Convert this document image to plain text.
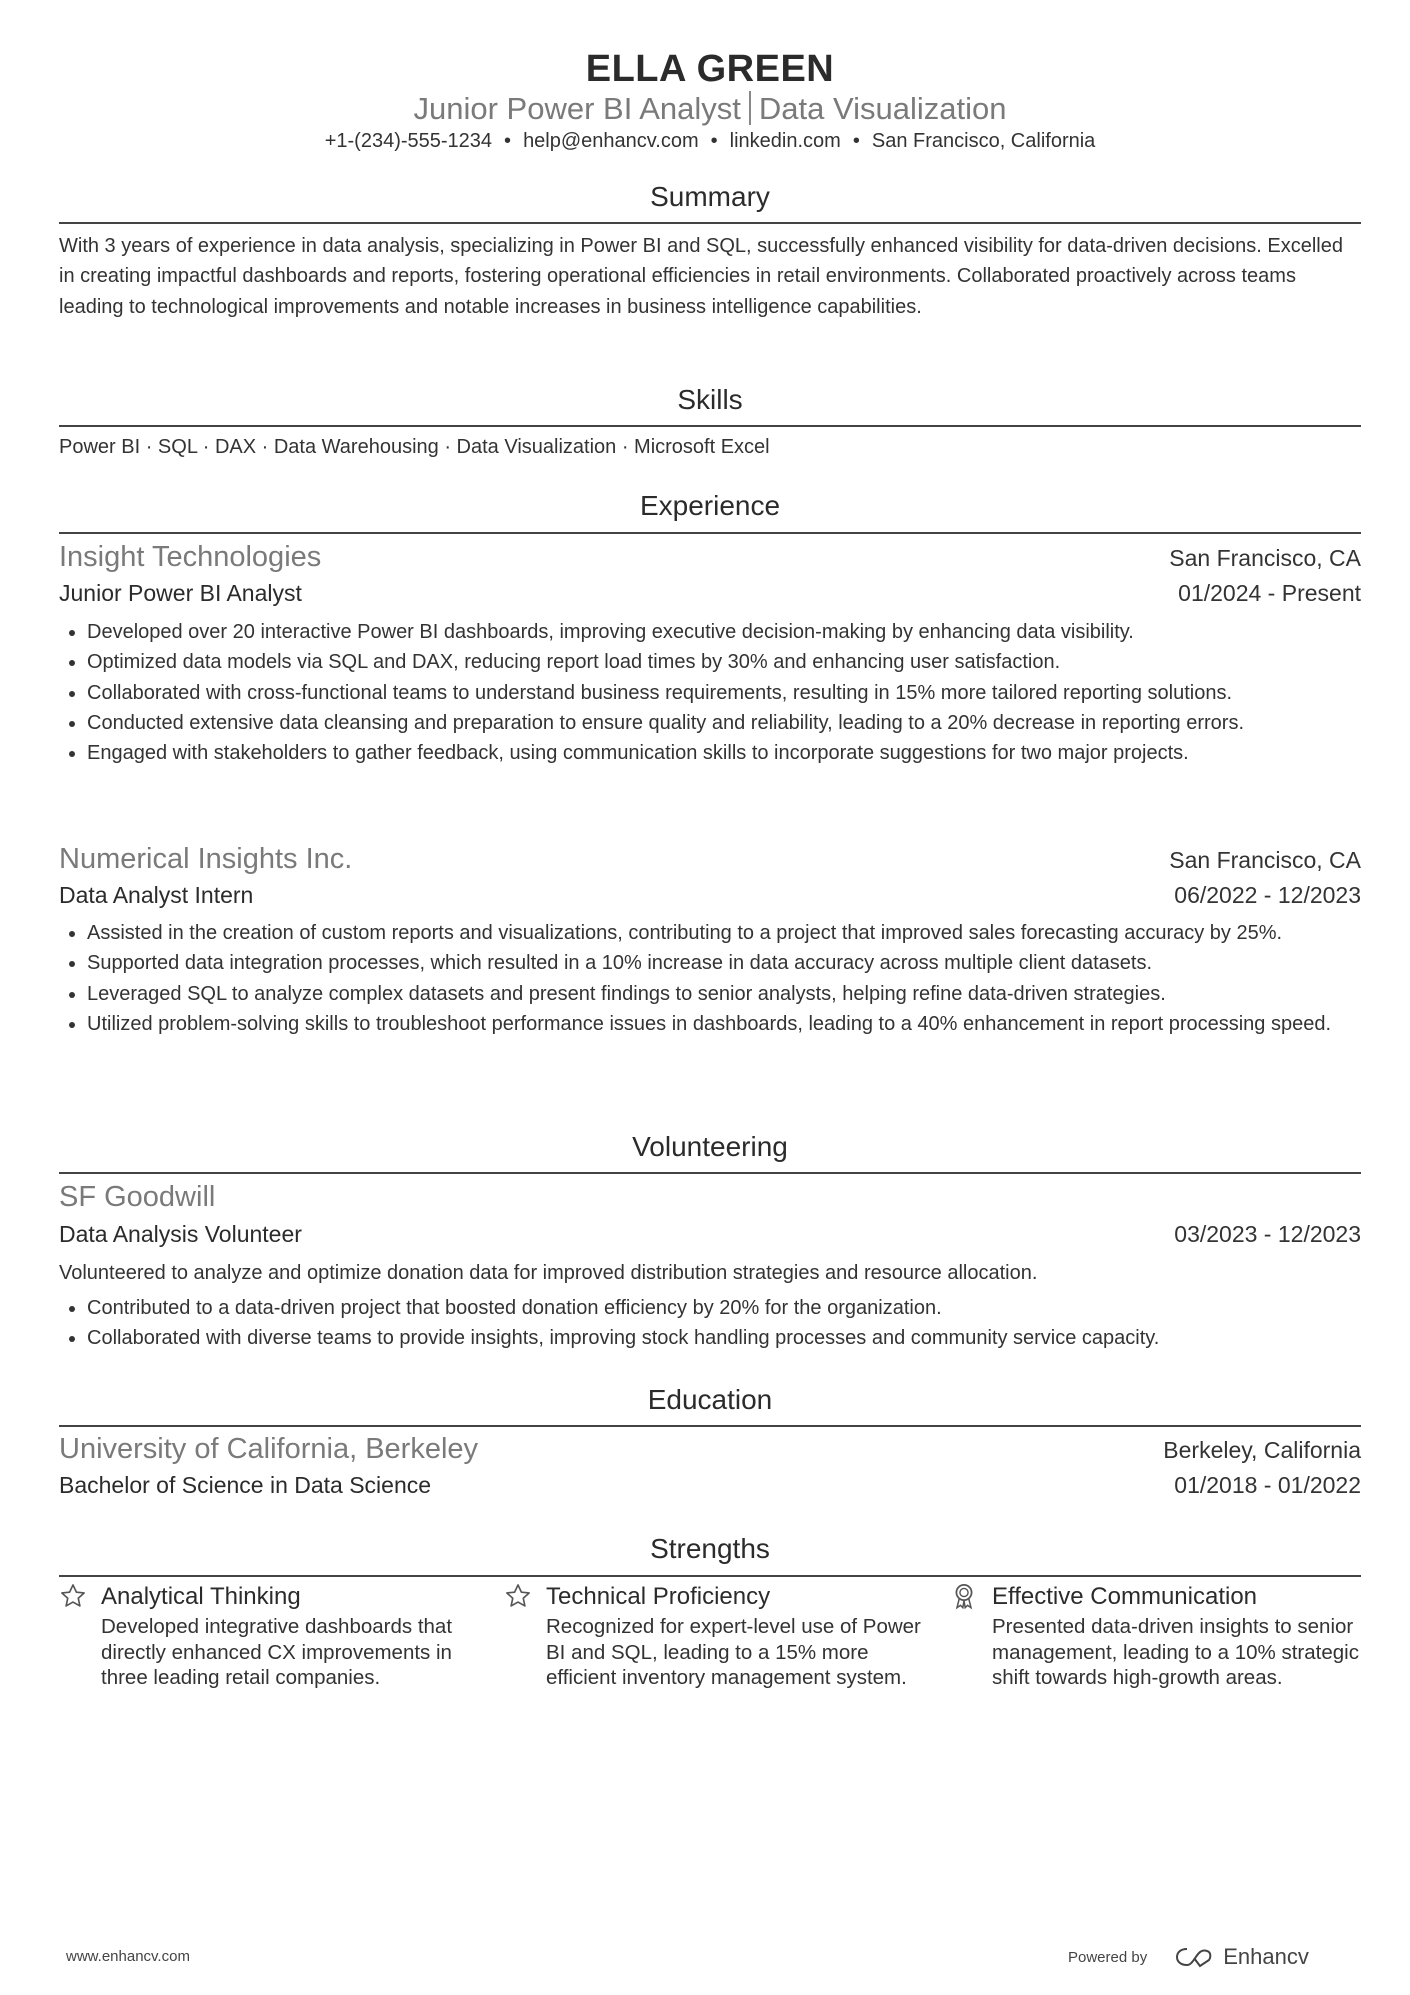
ELLA GREEN
Junior Power BI Analyst Data Visualization
+1-(234)-555-1234 • help@enhancv.com • linkedin.com • San Francisco, California
Summary
With 3 years of experience in data analysis, specializing in Power BI and SQL, successfully enhanced visibility for data-driven decisions. Excelled in creating impactful dashboards and reports, fostering operational efficiencies in retail environments. Collaborated proactively across teams leading to technological improvements and notable increases in business intelligence capabilities.
Skills
Power BI · SQL · DAX · Data Warehousing · Data Visualization · Microsoft Excel
Experience
Insight Technologies	San Francisco, CA
Junior Power BI Analyst	01/2024 - Present
• Developed over 20 interactive Power BI dashboards, improving executive decision-making by enhancing data visibility.
• Optimized data models via SQL and DAX, reducing report load times by 30% and enhancing user satisfaction.
• Collaborated with cross-functional teams to understand business requirements, resulting in 15% more tailored reporting solutions.
• Conducted extensive data cleansing and preparation to ensure quality and reliability, leading to a 20% decrease in reporting errors.
• Engaged with stakeholders to gather feedback, using communication skills to incorporate suggestions for two major projects.
Numerical Insights Inc.	San Francisco, CA
Data Analyst Intern	06/2022 - 12/2023
• Assisted in the creation of custom reports and visualizations, contributing to a project that improved sales forecasting accuracy by 25%.
• Supported data integration processes, which resulted in a 10% increase in data accuracy across multiple client datasets.
• Leveraged SQL to analyze complex datasets and present findings to senior analysts, helping refine data-driven strategies.
• Utilized problem-solving skills to troubleshoot performance issues in dashboards, leading to a 40% enhancement in report processing speed.
Volunteering
SF Goodwill
Data Analysis Volunteer	03/2023 - 12/2023
Volunteered to analyze and optimize donation data for improved distribution strategies and resource allocation.
• Contributed to a data-driven project that boosted donation efficiency by 20% for the organization.
• Collaborated with diverse teams to provide insights, improving stock handling processes and community service capacity.
Education
University of California, Berkeley	Berkeley, California
Bachelor of Science in Data Science	01/2018 - 01/2022
Strengths
Analytical Thinking
Developed integrative dashboards that directly enhanced CX improvements in three leading retail companies.
Technical Proficiency
Recognized for expert-level use of Power BI and SQL, leading to a 15% more efficient inventory management system.
Effective Communication
Presented data-driven insights to senior management, leading to a 10% strategic shift towards high-growth areas.
www.enhancv.com	Powered by	Enhancv
